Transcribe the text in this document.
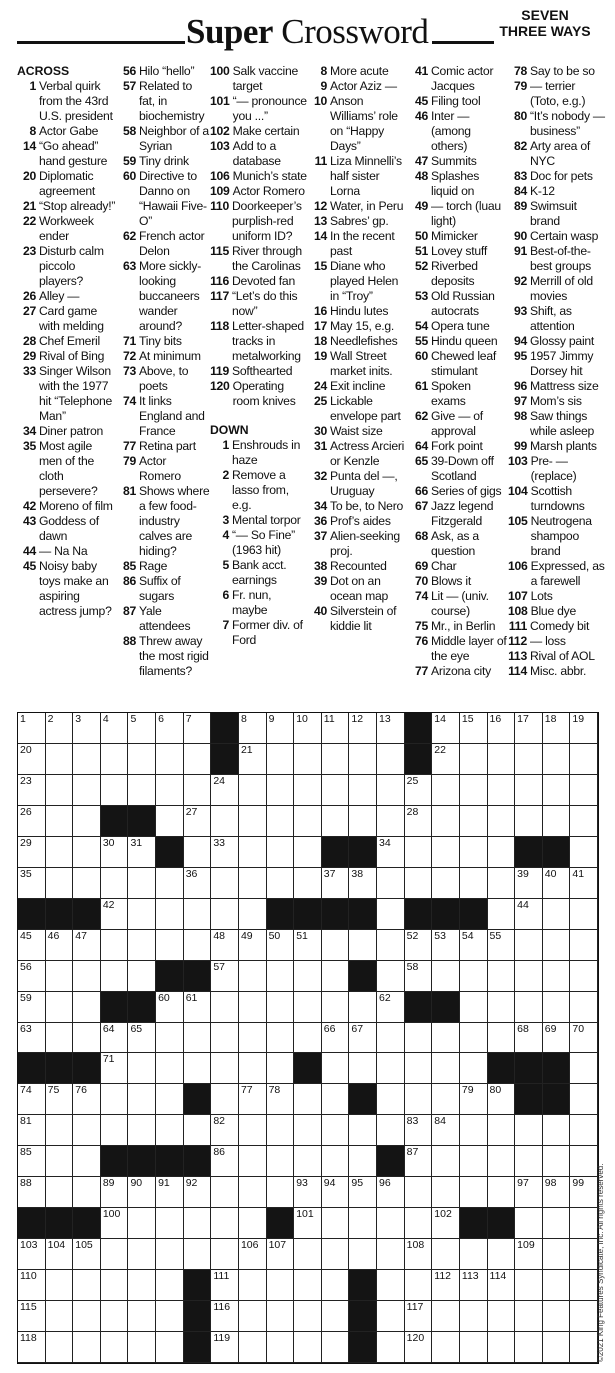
Super Crossword	SEVEN
THREE WAYS
ACROSS
1 Verbal quirk from the 43rd U.S. president
8 Actor Gabe
14 “Go ahead” hand gesture
20 Diplomatic agreement
21 “Stop already!”
22 Workweek ender
23 Disturb calm piccolo players?
26 Alley —
27 Card game with melding
28 Chef Emeril
29 Rival of Bing
33 Singer Wilson with the 1977 hit “Telephone Man”
34 Diner patron
35 Most agile men of the cloth persevere?
42 Moreno of film
43 Goddess of dawn
44 — Na Na
45 Noisy baby toys make an aspiring actress jump?
56 Hilo “hello”
57 Related to fat, in biochemistry
58 Neighbor of a Syrian
59 Tiny drink
60 Directive to Danno on “Hawaii Five-O”
62 French actor Delon
63 More sickly-looking buccaneers wander around?
71 Tiny bits
72 At minimum
73 Above, to poets
74 It links England and France
77 Retina part
79 Actor Romero
81 Shows where a few food-industry calves are hiding?
85 Rage
86 Suffix of sugars
87 Yale attendees
88 Threw away the most rigid filaments?
100 Salk vaccine target
101 “— pronounce you ...”
102 Make certain
103 Add to a database
106 Munich’s state
109 Actor Romero
110 Doorkeeper’s purplish-red uniform ID?
115 River through the Carolinas
116 Devoted fan
117 “Let’s do this now”
118 Letter-shaped tracks in metalworking
119 Softhearted
120 Operating room knives
DOWN
1 Enshrouds in haze
2 Remove a lasso from, e.g.
3 Mental torpor
4 “— So Fine” (1963 hit)
5 Bank acct. earnings
6 Fr. nun, maybe
7 Former div. of Ford
8 More acute
9 Actor Aziz —
10 Anson Williams’ role on “Happy Days”
11 Liza Minnelli’s half sister Lorna
12 Water, in Peru
13 Sabres’ gp.
14 In the recent past
15 Diane who played Helen in “Troy”
16 Hindu lutes
17 May 15, e.g.
18 Needlefishes
19 Wall Street market inits.
24 Exit incline
25 Lickable envelope part
30 Waist size
31 Actress Arcieri or Kenzle
32 Punta del —, Uruguay
34 To be, to Nero
36 Prof’s aides
37 Alien-seeking proj.
38 Recounted
39 Dot on an ocean map
40 Silverstein of kiddie lit
41 Comic actor Jacques
45 Filing tool
46 Inter — (among others)
47 Summits
48 Splashes liquid on
49 — torch (luau light)
50 Mimicker
51 Lovey stuff
52 Riverbed deposits
53 Old Russian autocrats
54 Opera tune
55 Hindu queen
60 Chewed leaf stimulant
61 Spoken exams
62 Give — of approval
64 Fork point
65 39-Down off Scotland
66 Series of gigs
67 Jazz legend Fitzgerald
68 Ask, as a question
69 Char
70 Blows it
74 Lit — (univ. course)
75 Mr., in Berlin
76 Middle layer of the eye
77 Arizona city
78 Say to be so
79 — terrier (Toto, e.g.)
80 “It’s nobody — business”
82 Arty area of NYC
83 Doc for pets
84 K-12
89 Swimsuit brand
90 Certain wasp
91 Best-of-the-best groups
92 Merrill of old movies
93 Shift, as attention
94 Glossy paint
95 1957 Jimmy Dorsey hit
96 Mattress size
97 Mom’s sis
98 Saw things while asleep
99 Marsh plants
103 Pre- — (replace)
104 Scottish turndowns
105 Neutrogena shampoo brand
106 Expressed, as a farewell
107 Lots
108 Blue dye
111 Comedy bit
112 — loss
113 Rival of AOL
114 Misc. abbr.
1 2 3 4 5 6 7	8 9 10 11 12 13	14 15 16 17 18 19
20	21	22
23	24	25
26	27	28
29	30 31	33	34
35	36	37 38	39 40 41
42	44
45 46 47	48 49 50 51	52 53 54 55
56	57	58
59	60 61	62
63	64 65	66 67	68 69 70
71
74 75 76	77 78	79 80
81	82	83 84
85	86	87
88	89 90 91 92	93 94 95 96	97 98 99
100	101	102
103 104 105	106 107	108	109
110	111	112 113 114
115	116	117
118	119	120	©2021 King Features Syndicate, Inc. All rights reserved.
